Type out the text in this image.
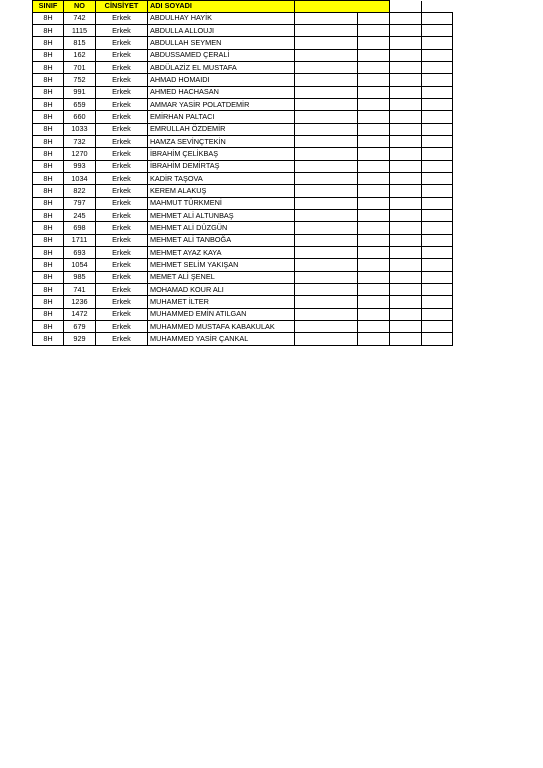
SINIF	NO	CİNSİYET	ADI SOYADI				
8H	742	Erkek	ABDULHAY HAYİK				
8H	1115	Erkek	ABDULLA ALLOUJI				
8H	815	Erkek	ABDULLAH SEYMEN				
8H	162	Erkek	ABDUSSAMED ÇERALİ				
8H	701	Erkek	ABDÜLAZİZ EL MUSTAFA				
8H	752	Erkek	AHMAD HOMAIDI				
8H	991	Erkek	AHMED HACHASAN				
8H	659	Erkek	AMMAR YASİR POLATDEMİR				
8H	660	Erkek	EMİRHAN PALTACI				
8H	1033	Erkek	EMRULLAH ÖZDEMİR				
8H	732	Erkek	HAMZA SEVİNÇTEKİN				
8H	1270	Erkek	İBRAHİM ÇELİKBAŞ				
8H	993	Erkek	İBRAHİM DEMİRTAŞ				
8H	1034	Erkek	KADİR TAŞOVA				
8H	822	Erkek	KEREM ALAKUŞ				
8H	797	Erkek	MAHMUT TÜRKMENİ				
8H	245	Erkek	MEHMET ALİ ALTUNBAŞ				
8H	698	Erkek	MEHMET ALİ DÜZGÜN				
8H	1711	Erkek	MEHMET ALİ TANBOĞA				
8H	693	Erkek	MEHMET AYAZ KAYA				
8H	1054	Erkek	MEHMET SELİM YAKIŞAN				
8H	985	Erkek	MEMET ALİ ŞENEL				
8H	741	Erkek	MOHAMAD KOUR ALI				
8H	1236	Erkek	MUHAMET İLTER				
8H	1472	Erkek	MUHAMMED EMİN ATILGAN				
8H	679	Erkek	MUHAMMED MUSTAFA KABAKULAK				
8H	929	Erkek	MUHAMMED YASİR ÇANKAL				
